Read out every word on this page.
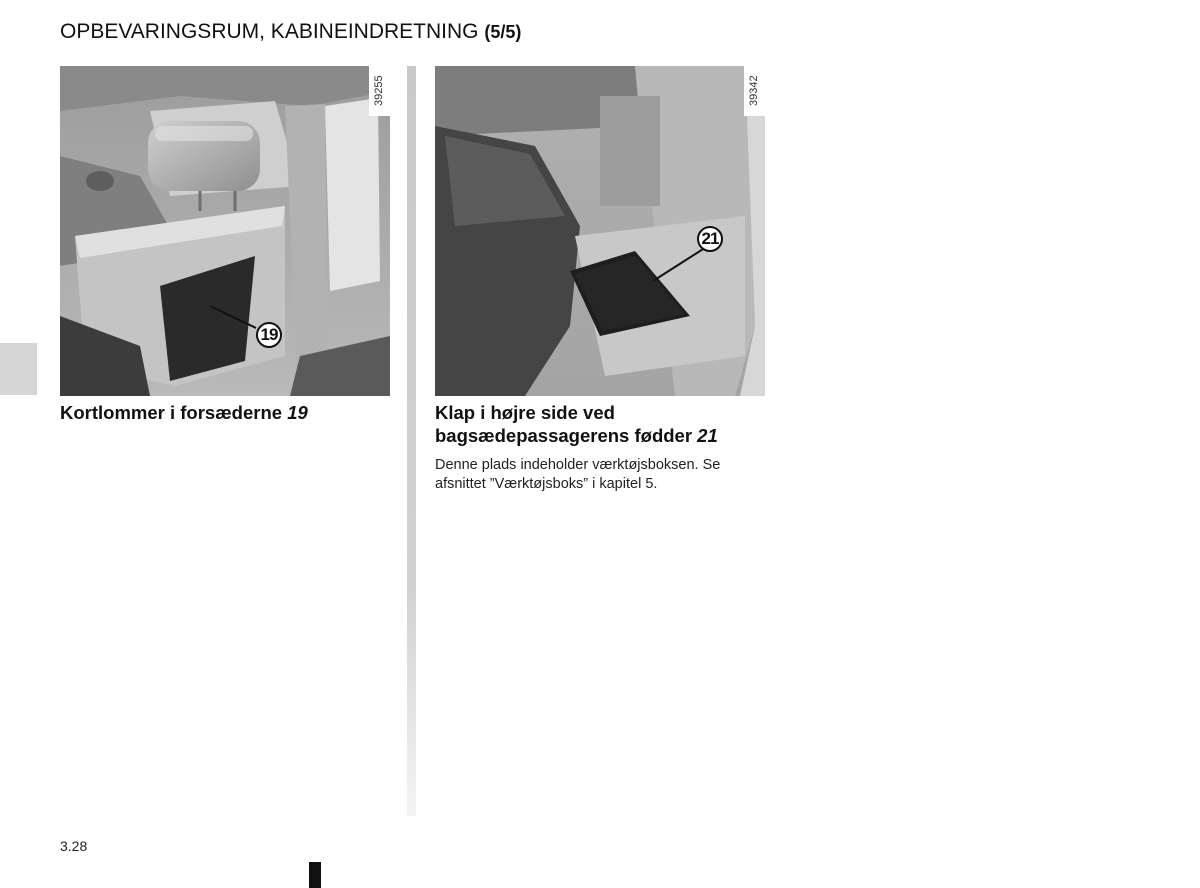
OPBEVARINGSRUM, KABINEINDRETNING (5/5)
19
39255
21
39342
Kortlommer i forsæderne 19	Klap i højre side ved
bagsædepassagerens fødder 21
Denne plads indeholder værktøjsboksen. Se afsnittet ”Værktøjsboks” i kapitel 5.
3.28
